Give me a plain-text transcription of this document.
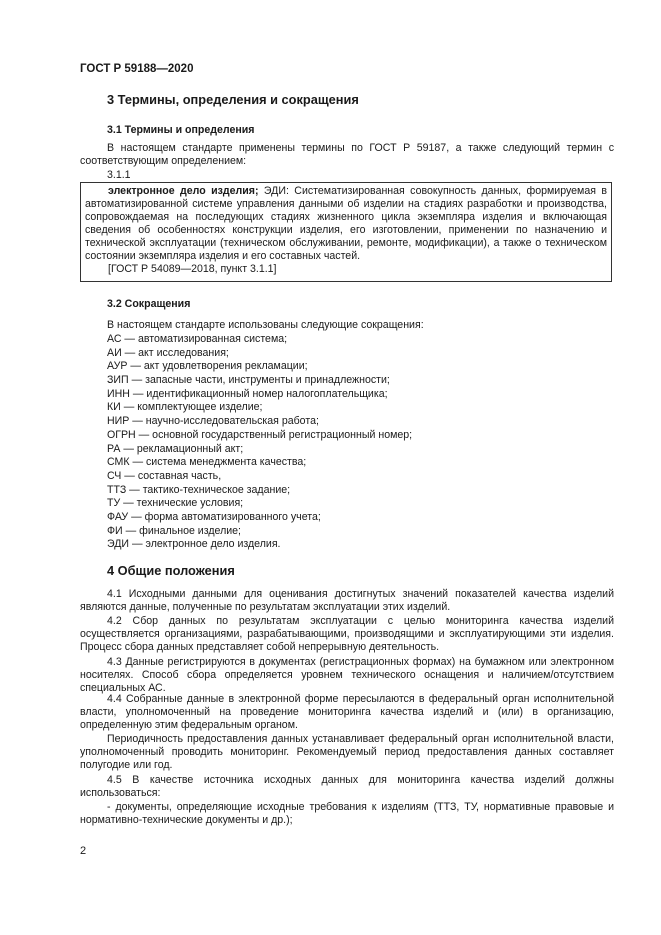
ГОСТ Р 59188—2020
3 Термины, определения и сокращения
3.1 Термины и определения
В настоящем стандарте применены термины по ГОСТ Р 59187, а также следующий термин с соответствующим определением:
3.1.1
электронное дело изделия; ЭДИ: Систематизированная совокупность данных, формируемая в автоматизированной системе управления данными об изделии на стадиях разработки и производства, сопровождаемая на последующих стадиях жизненного цикла экземпляра изделия и включающая сведения об особенностях конструкции изделия, его изготовлении, применении по назначению и технической эксплуатации (техническом обслуживании, ремонте, модификации), а также о техническом состоянии экземпляра изделия и его составных частей.
[ГОСТ Р 54089—2018, пункт 3.1.1]
3.2 Сокращения
В настоящем стандарте использованы следующие сокращения:
АС — автоматизированная система;
АИ — акт исследования;
АУР — акт удовлетворения рекламации;
ЗИП — запасные части, инструменты и принадлежности;
ИНН — идентификационный номер налогоплательщика;
КИ — комплектующее изделие;
НИР — научно-исследовательская работа;
ОГРН — основной государственный регистрационный номер;
РА — рекламационный акт;
СМК — система менеджмента качества;
СЧ — составная часть,
ТТЗ — тактико-техническое задание;
ТУ — технические условия;
ФАУ — форма автоматизированного учета;
ФИ — финальное изделие;
ЭДИ — электронное дело изделия.
4 Общие положения
4.1 Исходными данными для оценивания достигнутых значений показателей качества изделий являются данные, полученные по результатам эксплуатации этих изделий.
4.2 Сбор данных по результатам эксплуатации с целью мониторинга качества изделий осуществляется организациями, разрабатывающими, производящими и эксплуатирующими эти изделия. Процесс сбора данных представляет собой непрерывную деятельность.
4.3 Данные регистрируются в документах (регистрационных формах) на бумажном или электронном носителях. Способ сбора определяется уровнем технического оснащения и наличием/отсутствием специальных АС.
4.4 Собранные данные в электронной форме пересылаются в федеральный орган исполнительной власти, уполномоченный на проведение мониторинга качества изделий и (или) в организацию, определенную этим федеральным органом.
Периодичность предоставления данных устанавливает федеральный орган исполнительной власти, уполномоченный проводить мониторинг. Рекомендуемый период предоставления данных составляет полугодие или год.
4.5 В качестве источника исходных данных для мониторинга качества изделий должны использоваться:
- документы, определяющие исходные требования к изделиям (ТТЗ, ТУ, нормативные правовые и нормативно-технические документы и др.);
2
